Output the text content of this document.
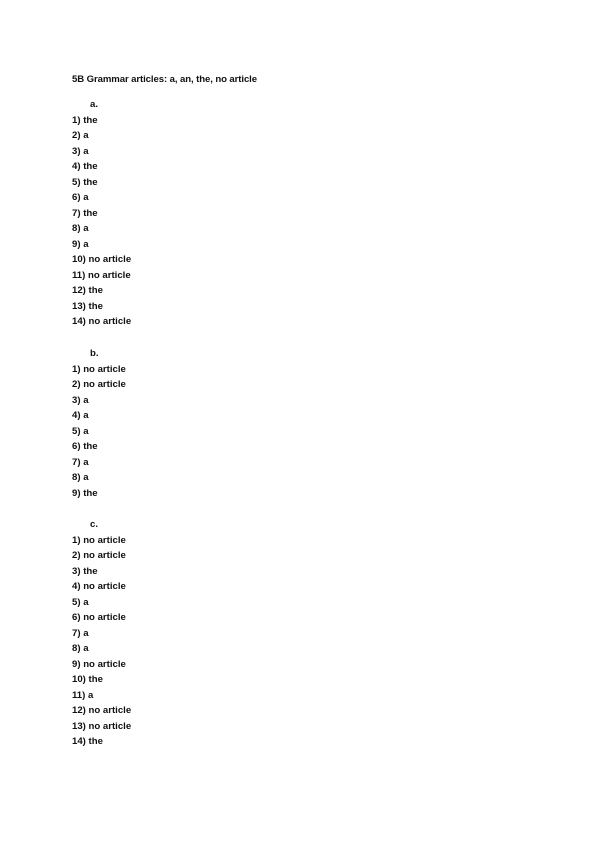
5B Grammar articles: a, an, the, no article
a.
1) the
2) a
3) a
4) the
5) the
6) a
7) the
8) a
9) a
10) no article
11) no article
12) the
13) the
14) no article
b.
1) no article
2) no article
3) a
4) a
5) a
6) the
7) a
8) a
9) the
c.
1) no article
2) no article
3) the
4) no article
5) a
6) no article
7) a
8) a
9) no article
10) the
11) a
12) no article
13) no article
14) the
